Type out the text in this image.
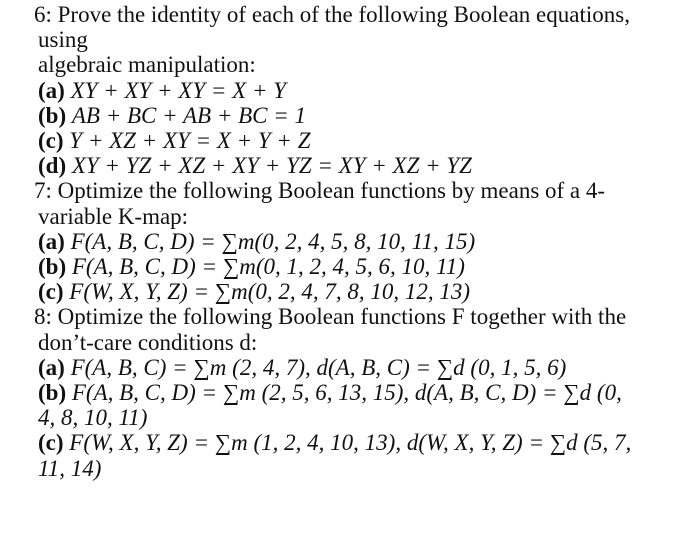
6: Prove the identity of each of the following Boolean equations,
using
algebraic manipulation:
(a) XY + XY + XY = X + Y
(b) AB + BC + AB + BC = 1
(c) Y + XZ + XY = X + Y + Z
(d) XY + YZ + XZ + XY + YZ = XY + XZ + YZ
7: Optimize the following Boolean functions by means of a 4-
variable K-map:
(a) F(A, B, C, D) = ∑m(0, 2, 4, 5, 8, 10, 11, 15)
(b) F(A, B, C, D) = ∑m(0, 1, 2, 4, 5, 6, 10, 11)
(c) F(W, X, Y, Z) = ∑m(0, 2, 4, 7, 8, 10, 12, 13)
8: Optimize the following Boolean functions F together with the
don’t-care conditions d:
(a) F(A, B, C) = ∑m (2, 4, 7), d(A, B, C) = ∑d (0, 1, 5, 6)
(b) F(A, B, C, D) = ∑m (2, 5, 6, 13, 15), d(A, B, C, D) = ∑d (0,
4, 8, 10, 11)
(c) F(W, X, Y, Z) = ∑m (1, 2, 4, 10, 13), d(W, X, Y, Z) = ∑d (5, 7,
11, 14)
